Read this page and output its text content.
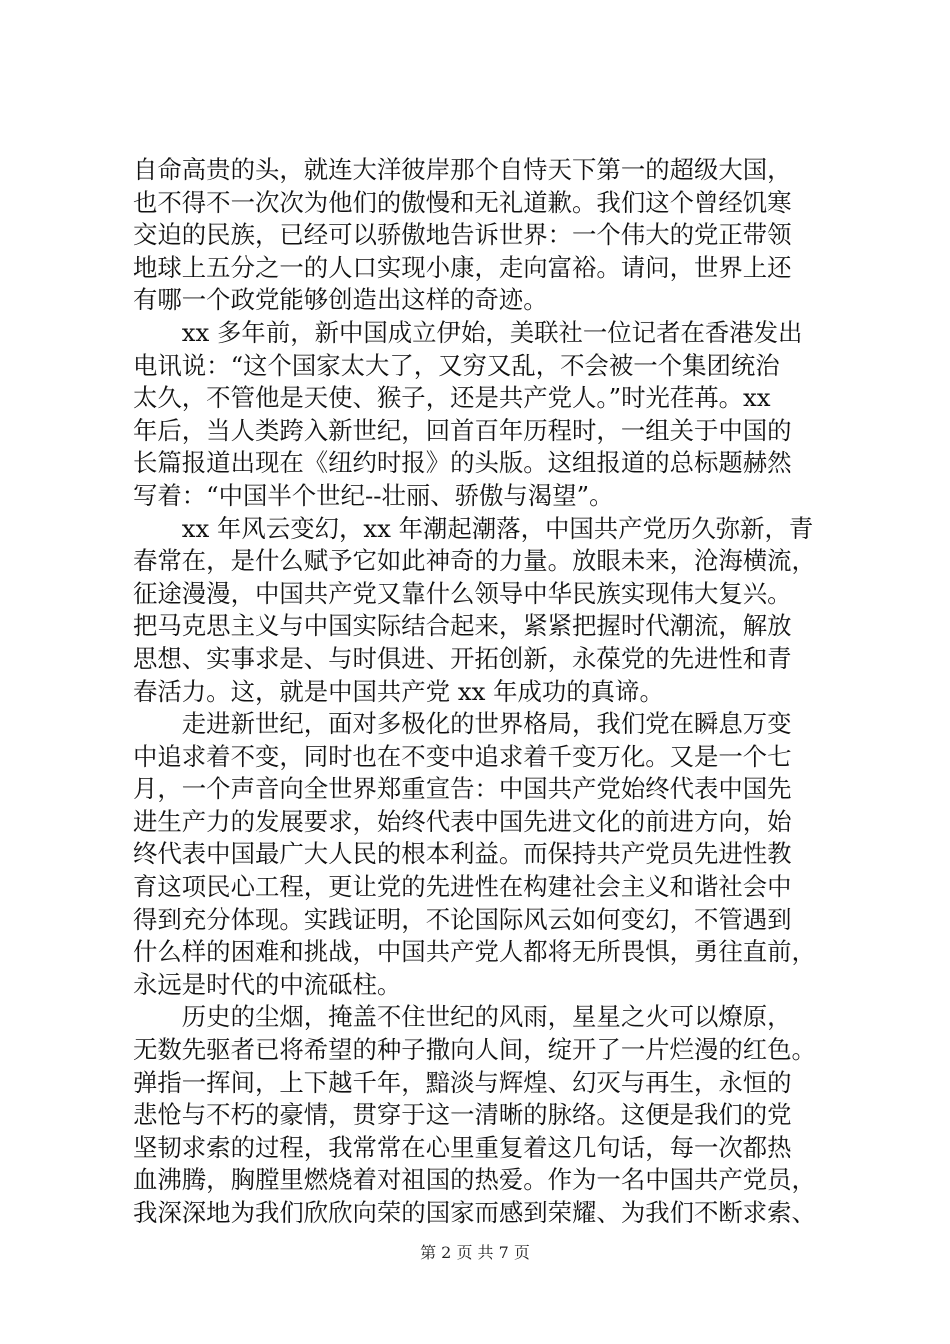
自命高贵的头，就连大洋彼岸那个自恃天下第一的超级大国，
也不得不一次次为他们的傲慢和无礼道歉。我们这个曾经饥寒
交迫的民族，已经可以骄傲地告诉世界：一个伟大的党正带领
地球上五分之一的人口实现小康，走向富裕。请问，世界上还
有哪一个政党能够创造出这样的奇迹。

　　xx 多年前，新中国成立伊始，美联社一位记者在香港发出
电讯说：“这个国家太大了，又穷又乱，不会被一个集团统治
太久，不管他是天使、猴子，还是共产党人。”时光荏苒。xx
年后，当人类跨入新世纪，回首百年历程时，一组关于中国的
长篇报道出现在《纽约时报》的头版。这组报道的总标题赫然
写着：“中国半个世纪--壮丽、骄傲与渴望”。

　　xx 年风云变幻，xx 年潮起潮落，中国共产党历久弥新，青
春常在，是什么赋予它如此神奇的力量。放眼未来，沧海横流，
征途漫漫，中国共产党又靠什么领导中华民族实现伟大复兴。
把马克思主义与中国实际结合起来，紧紧把握时代潮流，解放
思想、实事求是、与时俱进、开拓创新，永葆党的先进性和青
春活力。这，就是中国共产党 xx 年成功的真谛。

　　走进新世纪，面对多极化的世界格局，我们党在瞬息万变
中追求着不变，同时也在不变中追求着千变万化。又是一个七
月，一个声音向全世界郑重宣告：中国共产党始终代表中国先
进生产力的发展要求，始终代表中国先进文化的前进方向，始
终代表中国最广大人民的根本利益。而保持共产党员先进性教
育这项民心工程，更让党的先进性在构建社会主义和谐社会中
得到充分体现。实践证明，不论国际风云如何变幻，不管遇到
什么样的困难和挑战，中国共产党人都将无所畏惧，勇往直前，
永远是时代的中流砥柱。

　　历史的尘烟，掩盖不住世纪的风雨，星星之火可以燎原，
无数先驱者已将希望的种子撒向人间，绽开了一片烂漫的红色。
弹指一挥间，上下越千年，黯淡与辉煌、幻灭与再生，永恒的
悲怆与不朽的豪情，贯穿于这一清晰的脉络。这便是我们的党
坚韧求索的过程，我常常在心里重复着这几句话，每一次都热
血沸腾，胸膛里燃烧着对祖国的热爱。作为一名中国共产党员，
我深深地为我们欣欣向荣的国家而感到荣耀、为我们不断求索、

第 2 页 共 7 页
